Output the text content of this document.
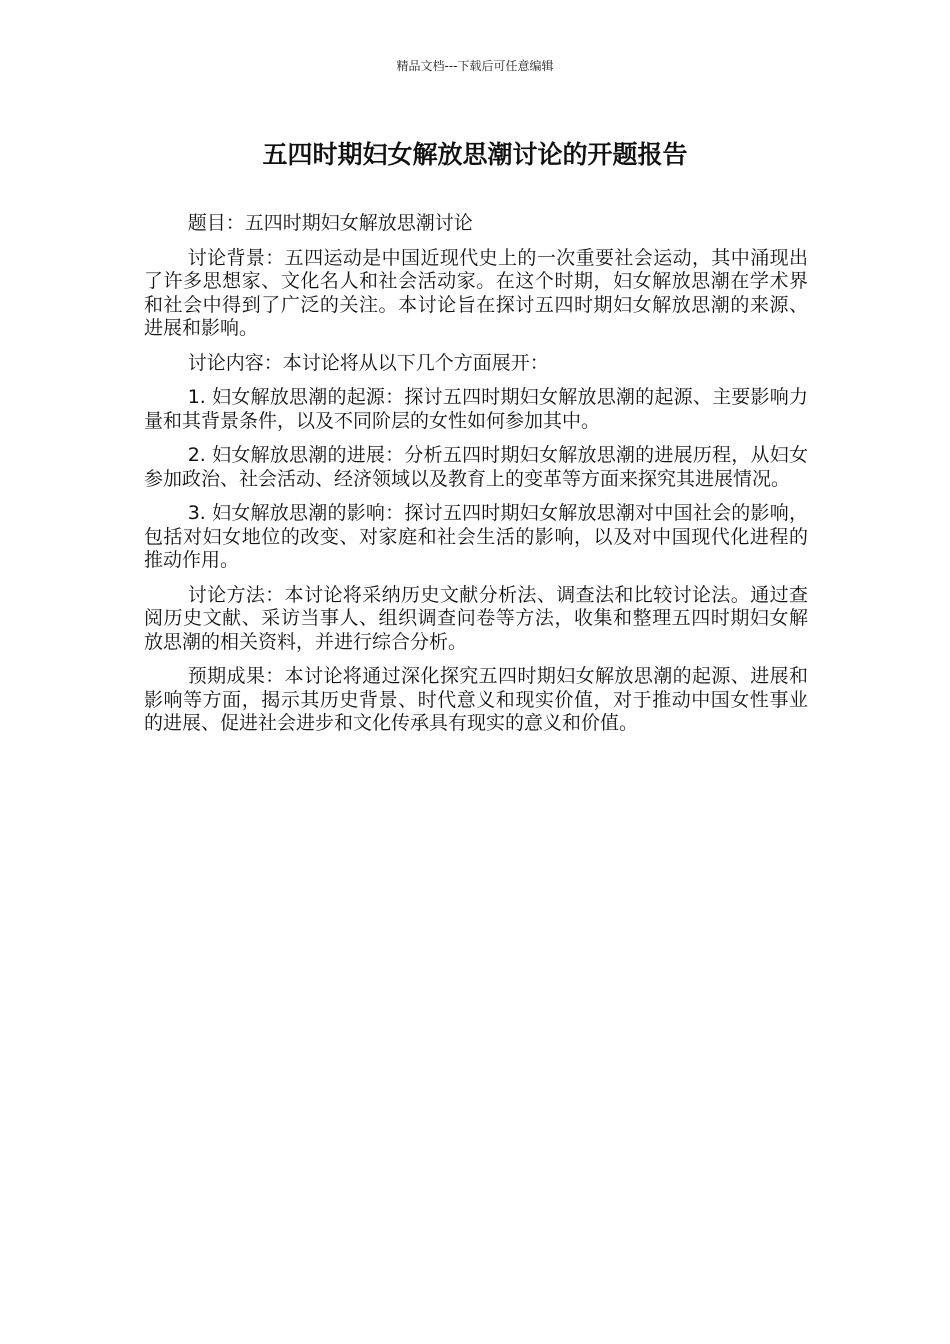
精品文档---下载后可任意编辑
五四时期妇女解放思潮讨论的开题报告

题目：五四时期妇女解放思潮讨论

讨论背景：五四运动是中国近现代史上的一次重要社会运动，其中涌现出了许多思想家、文化名人和社会活动家。在这个时期，妇女解放思潮在学术界和社会中得到了广泛的关注。本讨论旨在探讨五四时期妇女解放思潮的来源、进展和影响。

讨论内容：本讨论将从以下几个方面展开：

1. 妇女解放思潮的起源：探讨五四时期妇女解放思潮的起源、主要影响力量和其背景条件，以及不同阶层的女性如何参加其中。

2. 妇女解放思潮的进展：分析五四时期妇女解放思潮的进展历程，从妇女参加政治、社会活动、经济领域以及教育上的变革等方面来探究其进展情况。

3. 妇女解放思潮的影响：探讨五四时期妇女解放思潮对中国社会的影响，包括对妇女地位的改变、对家庭和社会生活的影响，以及对中国现代化进程的推动作用。

讨论方法：本讨论将采纳历史文献分析法、调查法和比较讨论法。通过查阅历史文献、采访当事人、组织调查问卷等方法，收集和整理五四时期妇女解放思潮的相关资料，并进行综合分析。

预期成果：本讨论将通过深化探究五四时期妇女解放思潮的起源、进展和影响等方面，揭示其历史背景、时代意义和现实价值，对于推动中国女性事业的进展、促进社会进步和文化传承具有现实的意义和价值。
